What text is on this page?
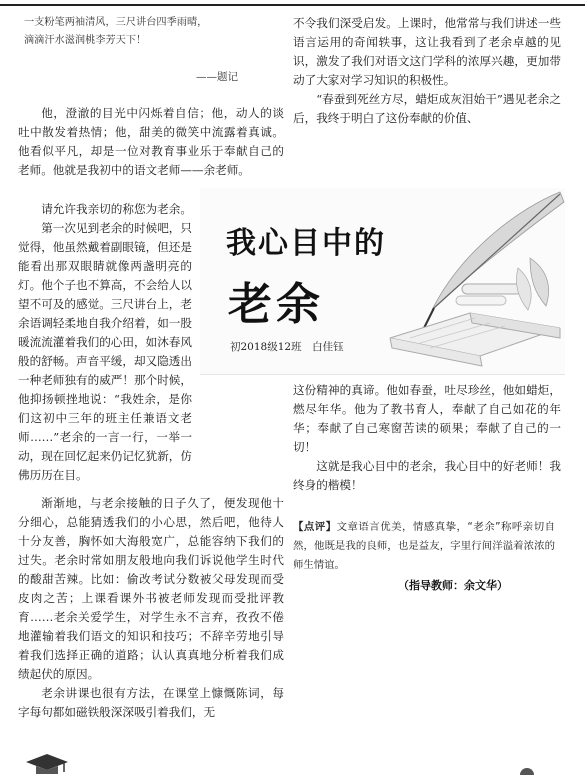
一支粉笔两袖清风，三尺讲台四季雨晴，
滴滴汗水滋润桃李芳天下！
——题记

他，澄澈的目光中闪烁着自信；他，动人的谈吐中散发着热情；他，甜美的微笑中流露着真诚。他看似平凡，却是一位对教育事业乐于奉献自己的老师。他就是我初中的语文老师——余老师。

请允许我亲切的称您为老余。

第一次见到老余的时候吧，只觉得，他虽然戴着副眼镜，但还是能看出那双眼睛就像两盏明亮的灯。他个子也不算高，不会给人以望不可及的感觉。三尺讲台上，老余语调轻柔地自我介绍着，如一股暖流流灌着我们的心田，如沐春风般的舒畅。声音平缓，却又隐透出一种老师独有的威严！那个时候，他抑扬顿挫地说：“我姓余，是你们这初中三年的班主任兼语文老师……”老余的一言一行，一举一动，现在回忆起来仍记忆犹新，仿佛历历在目。

渐渐地，与老余接触的日子久了，便发现他十分细心，总能猜透我们的小心思，然后吧，他待人十分友善，胸怀如大海般宽广，总能容纳下我们的过失。老余时常如朋友般地向我们诉说他学生时代的酸甜苦辣。比如：偷改考试分数被父母发现而受皮肉之苦；上课看课外书被老师发现而受批评教育……老余关爱学生，对学生永不言弃，孜孜不倦地灌输着我们语文的知识和技巧；不辞辛劳地引导着我们选择正确的道路；认认真真地分析着我们成绩起伏的原因。

老余讲课也很有方法，在课堂上慷慨陈词，每字每句都如磁铁般深深吸引着我们，无

不令我们深受启发。上课时，他常常与我们讲述一些语言运用的奇闻轶事，这让我看到了老余卓越的见识，激发了我们对语文这门学科的浓厚兴趣，更加带动了大家对学习知识的积极性。

“春蚕到死丝方尽，蜡炬成灰泪始干”遇见老余之后，我终于明白了这份奉献的价值、

我心目中的
老余
初2018级12班　白佳钰

这份精神的真谛。他如春蚕，吐尽珍丝，他如蜡炬，燃尽年华。他为了教书育人，奉献了自己如花的年华；奉献了自己寒窗苦读的硕果；奉献了自己的一切！

这就是我心目中的老余，我心目中的好老师！我终身的楷模！

【点评】文章语言优美，情感真挚，“老余”称呼亲切自然，他既是我的良师，也是益友，字里行间洋溢着浓浓的师生情谊。
（指导教师：余文华）
